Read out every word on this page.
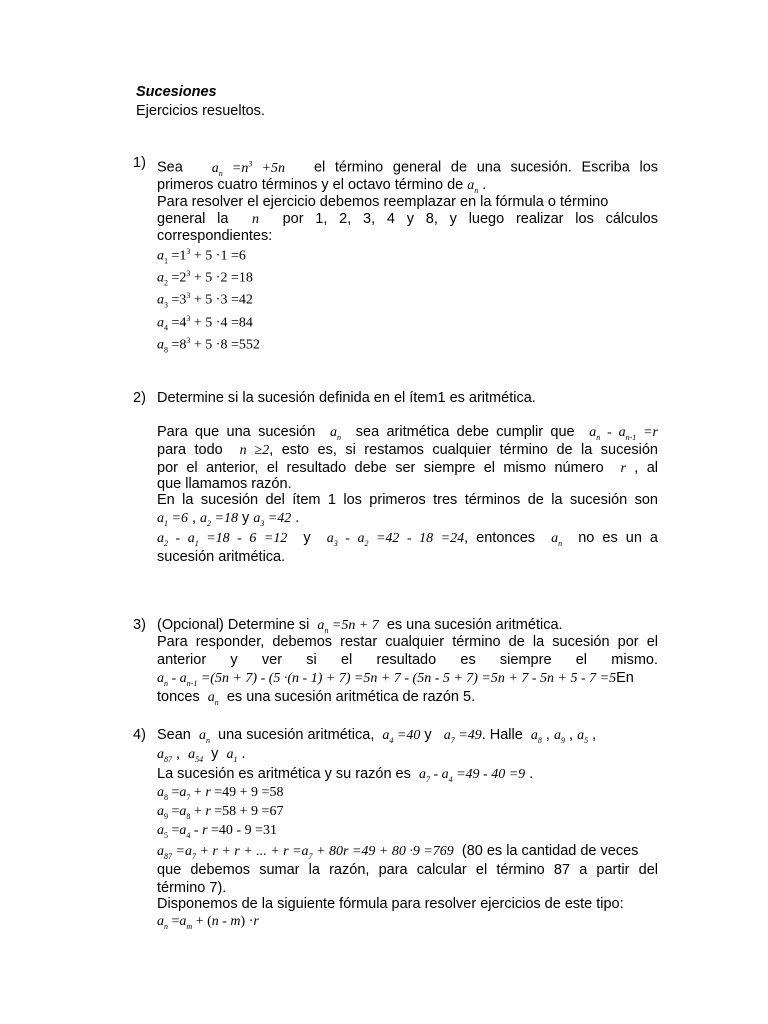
Sucesiones
Ejercicios resueltos.
1) Sea $a_n =n^3 +5n$ el término general de una sucesión. Escriba los
primeros cuatro términos y el octavo término de $a_n$ .
Para resolver el ejercicio debemos reemplazar en la fórmula o término
general la n por 1, 2, 3, 4 y 8, y luego realizar los cálculos
correspondientes:
$a_1 =1^3 + 5 \cdot 1 =6$
$a_2 =2^3 + 5 \cdot 2 =18$
$a_3 =3^3 + 5 \cdot 3 =42$
$a_4 =4^3 + 5 \cdot 4 =84$
$a_8 =8^3 + 5 \cdot 8 =552$
2) Determine si la sucesión definida en el ítem1 es aritmética.
Para que una sucesión $a_n$ sea aritmética debe cumplir que $a_n - a_{n-1} =r$
para todo n ≥2, esto es, si restamos cualquier término de la sucesión
por el anterior, el resultado debe ser siempre el mismo número r , al
que llamamos razón.
En la sucesión del ítem 1 los primeros tres términos de la sucesión son
$a_1 =6$ , $a_2 =18$ y $a_3 =42$ .
$a_2 - a_1 =18 - 6 =12$ y $a_3 - a_2 =42 - 18 =24$, entonces $a_n$ no es un a
sucesión aritmética.
3) (Opcional) Determine si $a_n =5n + 7$ es una sucesión aritmética.
Para responder, debemos restar cualquier término de la sucesión por el
anterior y ver si el resultado es siempre el mismo.
$a_n - a_{n-1} =(5n + 7) - (5 \cdot(n - 1) + 7) =5n + 7 - (5n - 5 + 7) =5n + 7 - 5n + 5 - 7 =5En$
tonces $a_n$ es una sucesión aritmética de razón 5.
4) Sean $a_n$ una sucesión aritmética, $a_4 =40$ y $a_7 =49$. Halle $a_8$ , $a_9$ , $a_5$ ,
$a_{87}$ ,  $a_{54}$  y  $a_1$ .
La sucesión es aritmética y su razón es $a_7 - a_4 =49 - 40 =9$ .
$a_8 =a_7 + r =49 + 9 =58$
$a_9 =a_8 + r =58 + 9 =67$
$a_5 =a_4 - r =40 - 9 =31$
$a_{87} =a_7 + r + r$ + ... + $r =a_7 + 80r =49 + 80 \cdot 9 =769$ (80 es la cantidad de veces
que debemos sumar la razón, para calcular el término 87 a partir del
término 7).
Disponemos de la siguiente fórmula para resolver ejercicios de este tipo:
$a_n =a_m + (n - m) \cdot r$
